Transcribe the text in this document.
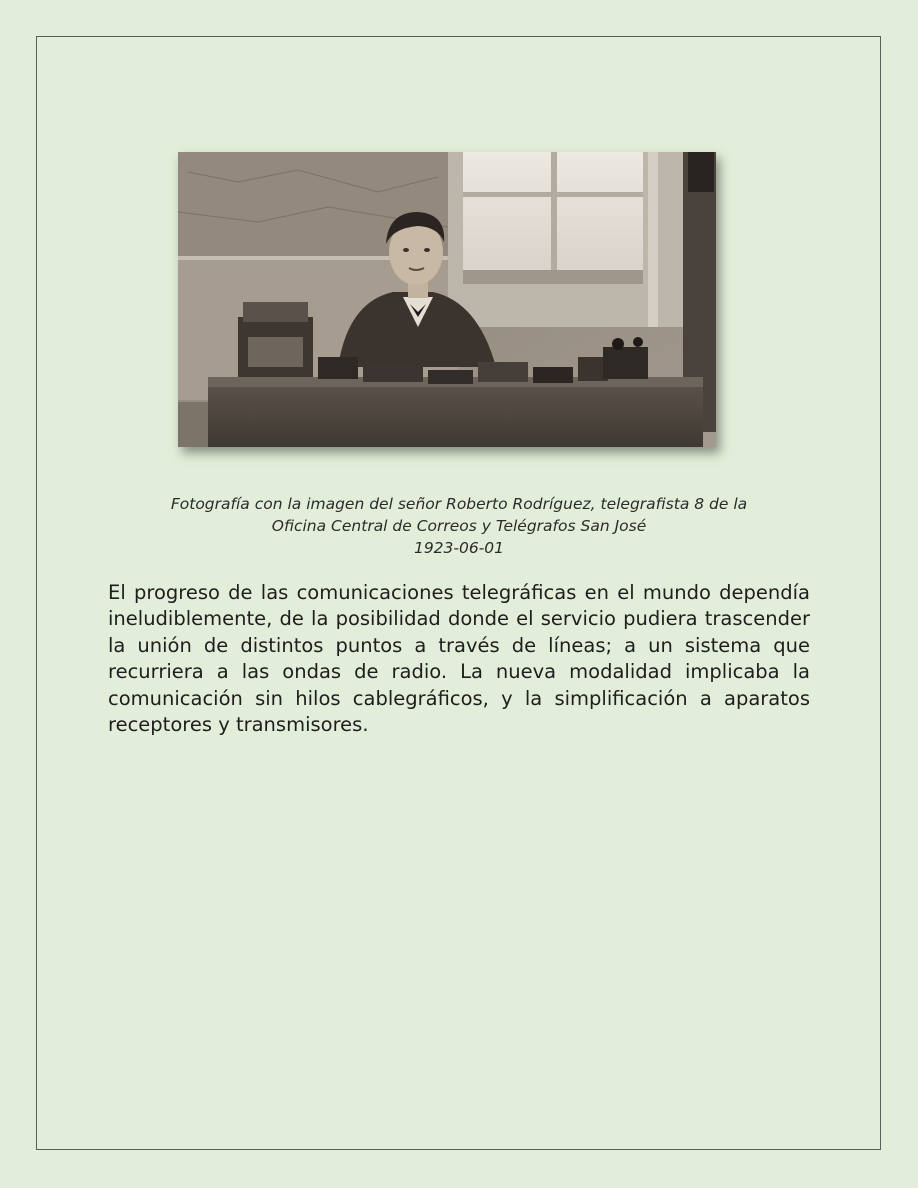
Fotografía con la imagen del señor Roberto Rodríguez, telegrafista 8 de la
Oficina Central de Correos y Telégrafos San José
1923-06-01
El progreso de las comunicaciones telegráficas en el mundo dependía ineludiblemente, de la posibilidad donde el servicio pudiera trascender la unión de distintos puntos a través de líneas; a un sistema que recurriera a las ondas de radio. La nueva modalidad implicaba la comunicación sin hilos cablegráficos, y la simplificación a aparatos receptores y transmisores.
